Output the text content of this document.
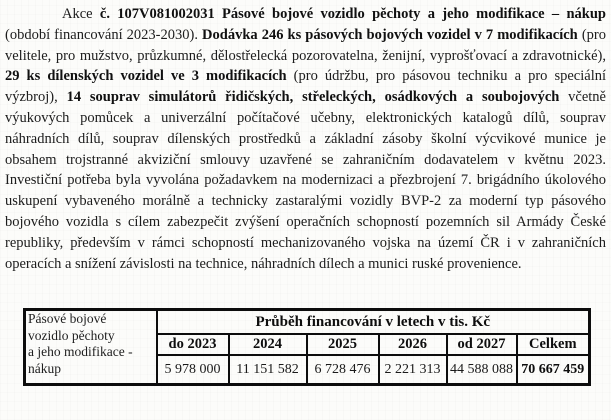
Akce č. 107V081002031 Pásové bojové vozidlo pěchoty a jeho modifikace – nákup (období financování 2023-2030). Dodávka 246 ks pásových bojových vozidel v 7 modifikacích (pro velitele, pro mužstvo, průzkumné, dělostřelecká pozorovatelna, ženijní, vyprošťovací a zdravotnické), 29 ks dílenských vozidel ve 3 modifikacích (pro údržbu, pro pásovou techniku a pro speciální výzbroj), 14 souprav simulátorů řidičských, střeleckých, osádkových a soubojových včetně výukových pomůcek a univerzální počítačové učebny, elektronických katalogů dílů, souprav náhradních dílů, souprav dílenských prostředků a základní zásoby školní výcvikové munice je obsahem trojstranné akviziční smlouvy uzavřené se zahraničním dodavatelem v květnu 2023. Investiční potřeba byla vyvolána požadavkem na modernizaci a přezbrojení 7. brigádního úkolového uskupení vybaveného morálně a technicky zastaralými vozidly BVP-2 za moderní typ pásového bojového vozidla s cílem zabezpečit zvýšení operačních schopností pozemních sil Armády České republiky, především v rámci schopností mechanizovaného vojska na území ČR i v zahraničních operacích a snížení závislosti na technice, náhradních dílech a munici ruské provenience.

Pásové bojové
vozidlo pěchoty
a jeho modifikace -
nákup	Průběh financování v letech v tis. Kč					
	do 2023	2024	2025	2026	od 2027	Celkem
	5 978 000	11 151 582	6 728 476	2 221 313	44 588 088	70 667 459
